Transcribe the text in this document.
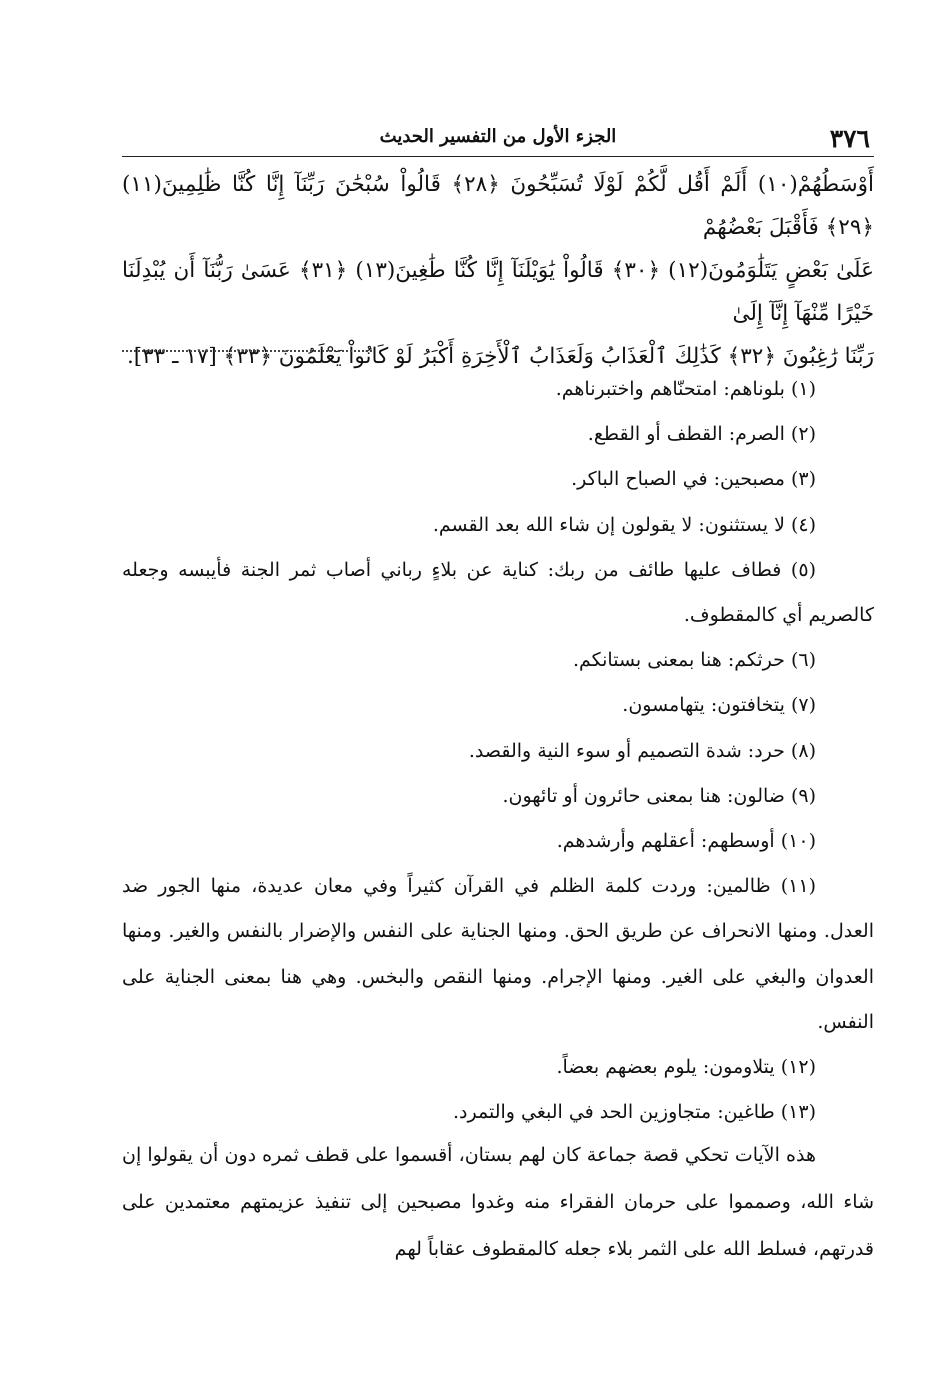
٣٧٦
الجزء الأول من التفسير الحديث
أَوْسَطُهُمْ(١٠) أَلَمْ أَقُل لَّكُمْ لَوْلَا تُسَبِّحُونَ ﴿٢٨﴾ قَالُواْ سُبْحَٰنَ رَبِّنَآ إِنَّا كُنَّا ظَٰلِمِينَ(١١) ﴿٢٩﴾ فَأَقْبَلَ بَعْضُهُمْ
عَلَىٰ بَعْضٍ يَتَلَٰوَمُونَ(١٢) ﴿٣٠﴾ قَالُواْ يَٰوَيْلَنَآ إِنَّا كُنَّا طَٰغِينَ(١٣) ﴿٣١﴾ عَسَىٰ رَبُّنَآ أَن يُبْدِلَنَا خَيْرًا مِّنْهَآ إِنَّآ إِلَىٰ
رَبِّنَا رَٰغِبُونَ ﴿٣٢﴾ كَذَٰلِكَ ٱلْعَذَابُ وَلَعَذَابُ ٱلْأَخِرَةِ أَكْبَرُ لَوْ كَانُواْ يَعْلَمُونَ ﴿٣٣﴾ [١٧ ـ ٣٣].

(١) بلوناهم: امتحنّاهم واختبرناهم.

(٢) الصرم: القطف أو القطع.

(٣) مصبحين: في الصباح الباكر.

(٤) لا يستثنون: لا يقولون إن شاء الله بعد القسم.

(٥) فطاف عليها طائف من ربك: كناية عن بلاءٍ رباني أصاب ثمر الجنة فأيبسه وجعله كالصريم أي كالمقطوف.

(٦) حرثكم: هنا بمعنى بستانكم.

(٧) يتخافتون: يتهامسون.

(٨) حرد: شدة التصميم أو سوء النية والقصد.

(٩) ضالون: هنا بمعنى حائرون أو تائهون.

(١٠) أوسطهم: أعقلهم وأرشدهم.

(١١) ظالمين: وردت كلمة الظلم في القرآن كثيراً وفي معان عديدة، منها الجور ضد العدل. ومنها الانحراف عن طريق الحق. ومنها الجناية على النفس والإضرار بالنفس والغير. ومنها العدوان والبغي على الغير. ومنها الإجرام. ومنها النقص والبخس. وهي هنا بمعنى الجناية على النفس.

(١٢) يتلاومون: يلوم بعضهم بعضاً.

(١٣) طاغين: متجاوزين الحد في البغي والتمرد.

هذه الآيات تحكي قصة جماعة كان لهم بستان، أقسموا على قطف ثمره دون أن يقولوا إن شاء الله، وصمموا على حرمان الفقراء منه وغدوا مصبحين إلى تنفيذ عزيمتهم معتمدين على قدرتهم، فسلط الله على الثمر بلاء جعله كالمقطوف عقاباً لهم
